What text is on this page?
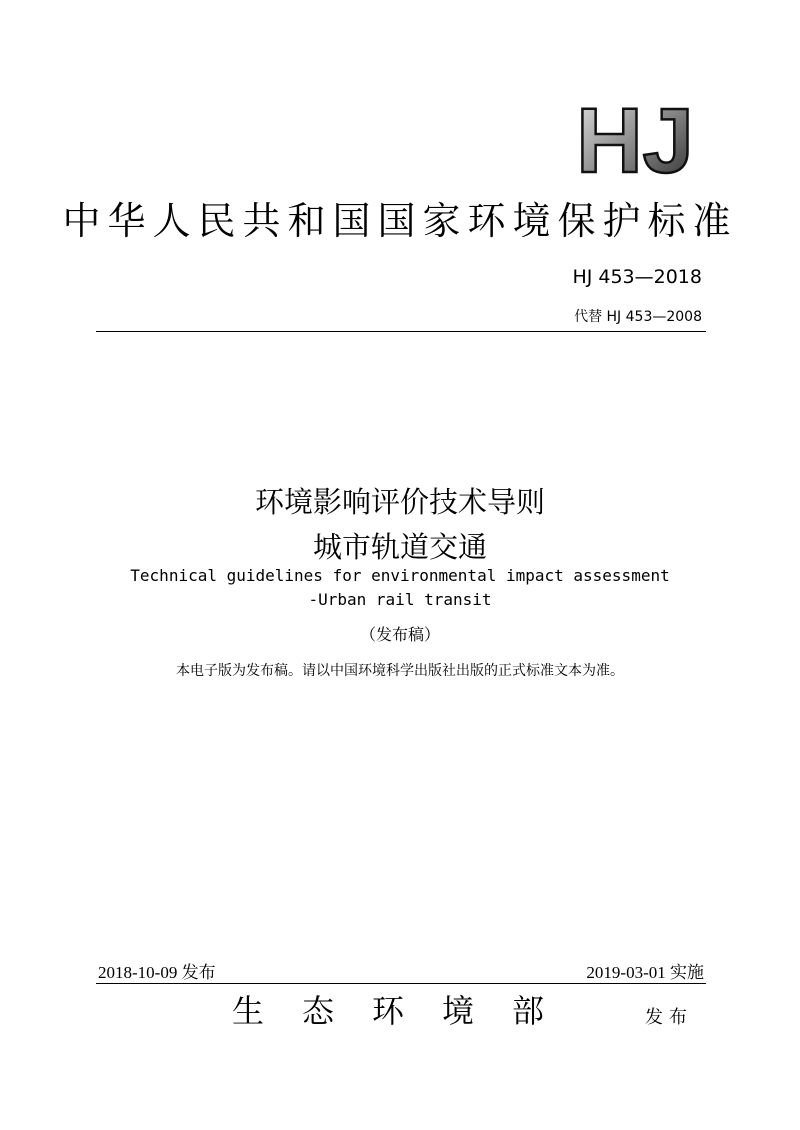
HJ
中华人民共和国国家环境保护标准
HJ 453—2018
代替 HJ 453—2008
环境影响评价技术导则
城市轨道交通
Technical guidelines for environmental impact assessment
-Urban rail transit
（发布稿）
本电子版为发布稿。请以中国环境科学出版社出版的正式标准文本为准。
2018-10-09 发布	2019-03-01 实施
生态环境部	发布
